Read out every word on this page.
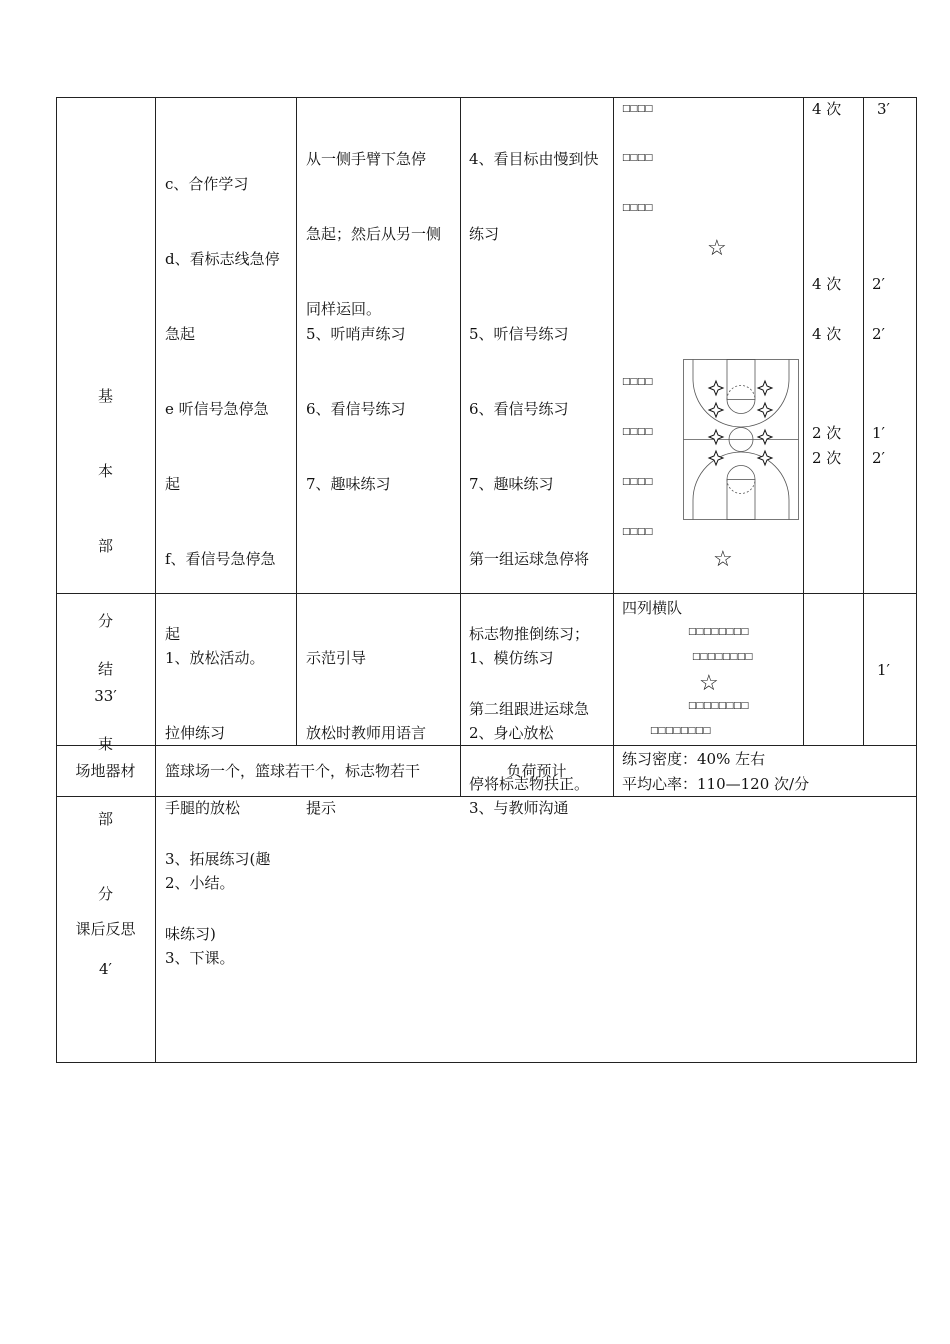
基

本

部

分

33′

c、合作学习

d、看标志线急停

急起

e 听信号急停急

起

f、看信号急停急

起

3、拓展练习(趣

味练习)

从一侧手臂下急停

急起；然后从另一侧

同样运回。

5、听哨声练习

6、看信号练习

7、趣味练习

4、看目标由慢到快

练习

5、听信号练习

6、看信号练习

7、趣味练习

第一组运球急停将

标志物推倒练习；

第二组跟进运球急

停将标志物扶正。

□□□□
□□□□
□□□□
□□□□
□□□□
□□□□
□□□□
☆
☆
4 次
4 次
4 次
2 次
2 次
3′
2′
2′
1′
2′

结

束

部

分

4′

1、放松活动。

拉伸练习

手腿的放松

2、小结。

3、下课。

示范引导

放松时教师用语言

提示

1、模仿练习

2、身心放松

3、与教师沟通

四列横队
□□□□□□□□
□□□□□□□□
☆
□□□□□□□□
□□□□□□□□
1′
场地器材	篮球场一个，篮球若干个，标志物若干	负荷预计
练习密度：40% 左右
平均心率：110—120 次/分
课后反思
